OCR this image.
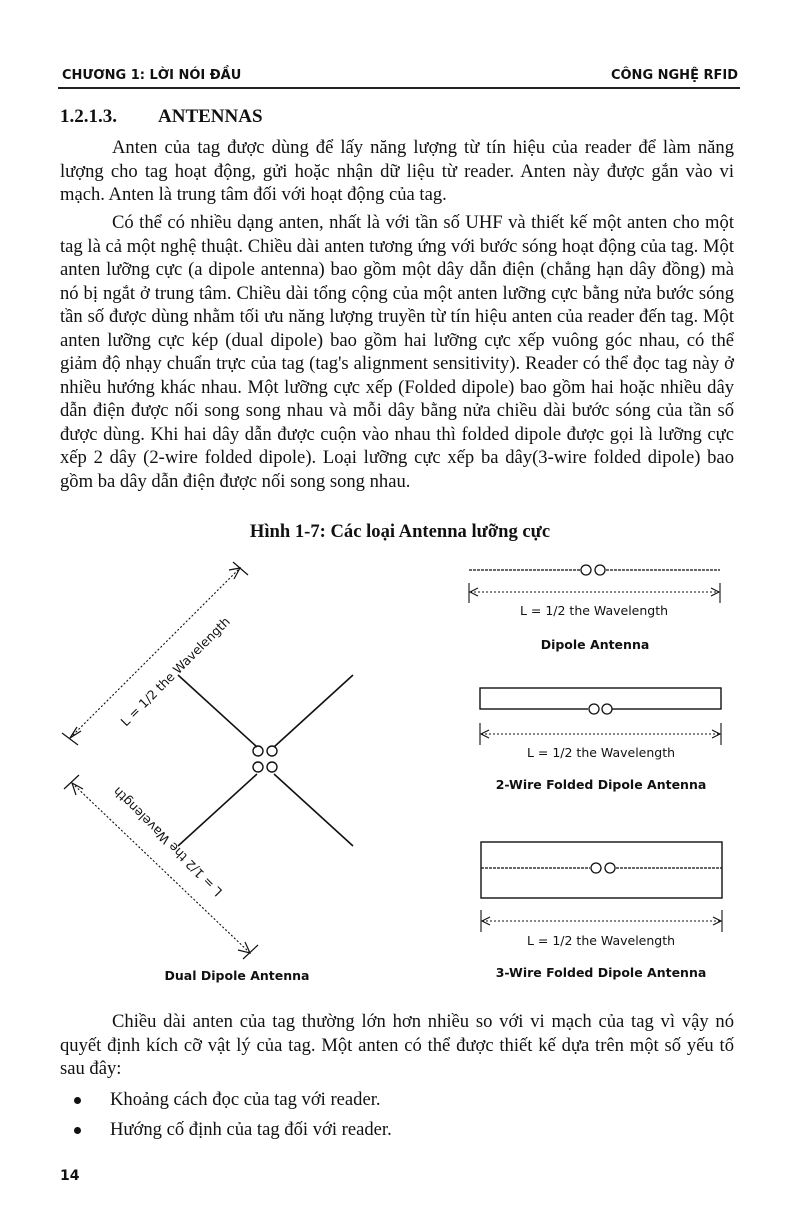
CHƯƠNG 1: LỜI NÓI ĐẦU	CÔNG NGHỆ RFID
1.2.1.3. ANTENNAS

Anten của tag được dùng để lấy năng lượng từ tín hiệu của reader để làm năng lượng cho tag hoạt động, gửi hoặc nhận dữ liệu từ reader. Anten này được gắn vào vi mạch. Anten là trung tâm đối với hoạt động của tag.

Có thể có nhiều dạng anten, nhất là với tần số UHF và thiết kế một anten cho một tag là cả một nghệ thuật. Chiều dài anten tương ứng với bước sóng hoạt động của tag. Một anten lưỡng cực (a dipole antenna) bao gồm một dây dẫn điện (chẳng hạn dây đồng) mà nó bị ngắt ở trung tâm. Chiều dài tổng cộng của một anten lưỡng cực bằng nửa bước sóng tần số được dùng nhằm tối ưu năng lượng truyền từ tín hiệu anten của reader đến tag. Một anten lưỡng cực kép (dual dipole) bao gồm hai lưỡng cực xếp vuông góc nhau, có thể giảm độ nhạy chuẩn trực của tag (tag's alignment sensitivity). Reader có thể đọc tag này ở nhiều hướng khác nhau. Một lưỡng cực xếp (Folded dipole) bao gồm hai hoặc nhiều dây dẫn điện được nối song song nhau và mỗi dây bằng nửa chiều dài bước sóng của tần số được dùng. Khi hai dây dẫn được cuộn vào nhau thì folded dipole được gọi là lưỡng cực xếp 2 dây (2-wire folded dipole). Loại lưỡng cực xếp ba dây(3-wire folded dipole) bao gồm ba dây dẫn điện được nối song song nhau.

Hình 1-7: Các loại Antenna lưỡng cực
L = 1/2 the Wavelength
L = 1/2 the Wavelength
Dual Dipole Antenna
L = 1/2 the Wavelength
Dipole Antenna
L = 1/2 the Wavelength
2-Wire Folded Dipole Antenna
L = 1/2 the Wavelength
3-Wire Folded Dipole Antenna

Chiều dài anten của tag thường lớn hơn nhiều so với vi mạch của tag vì vậy nó quyết định kích cỡ vật lý của tag. Một anten có thể được thiết kế dựa trên một số yếu tố sau đây:

Khoảng cách đọc của tag với reader.
Hướng cố định của tag đối với reader.
14
